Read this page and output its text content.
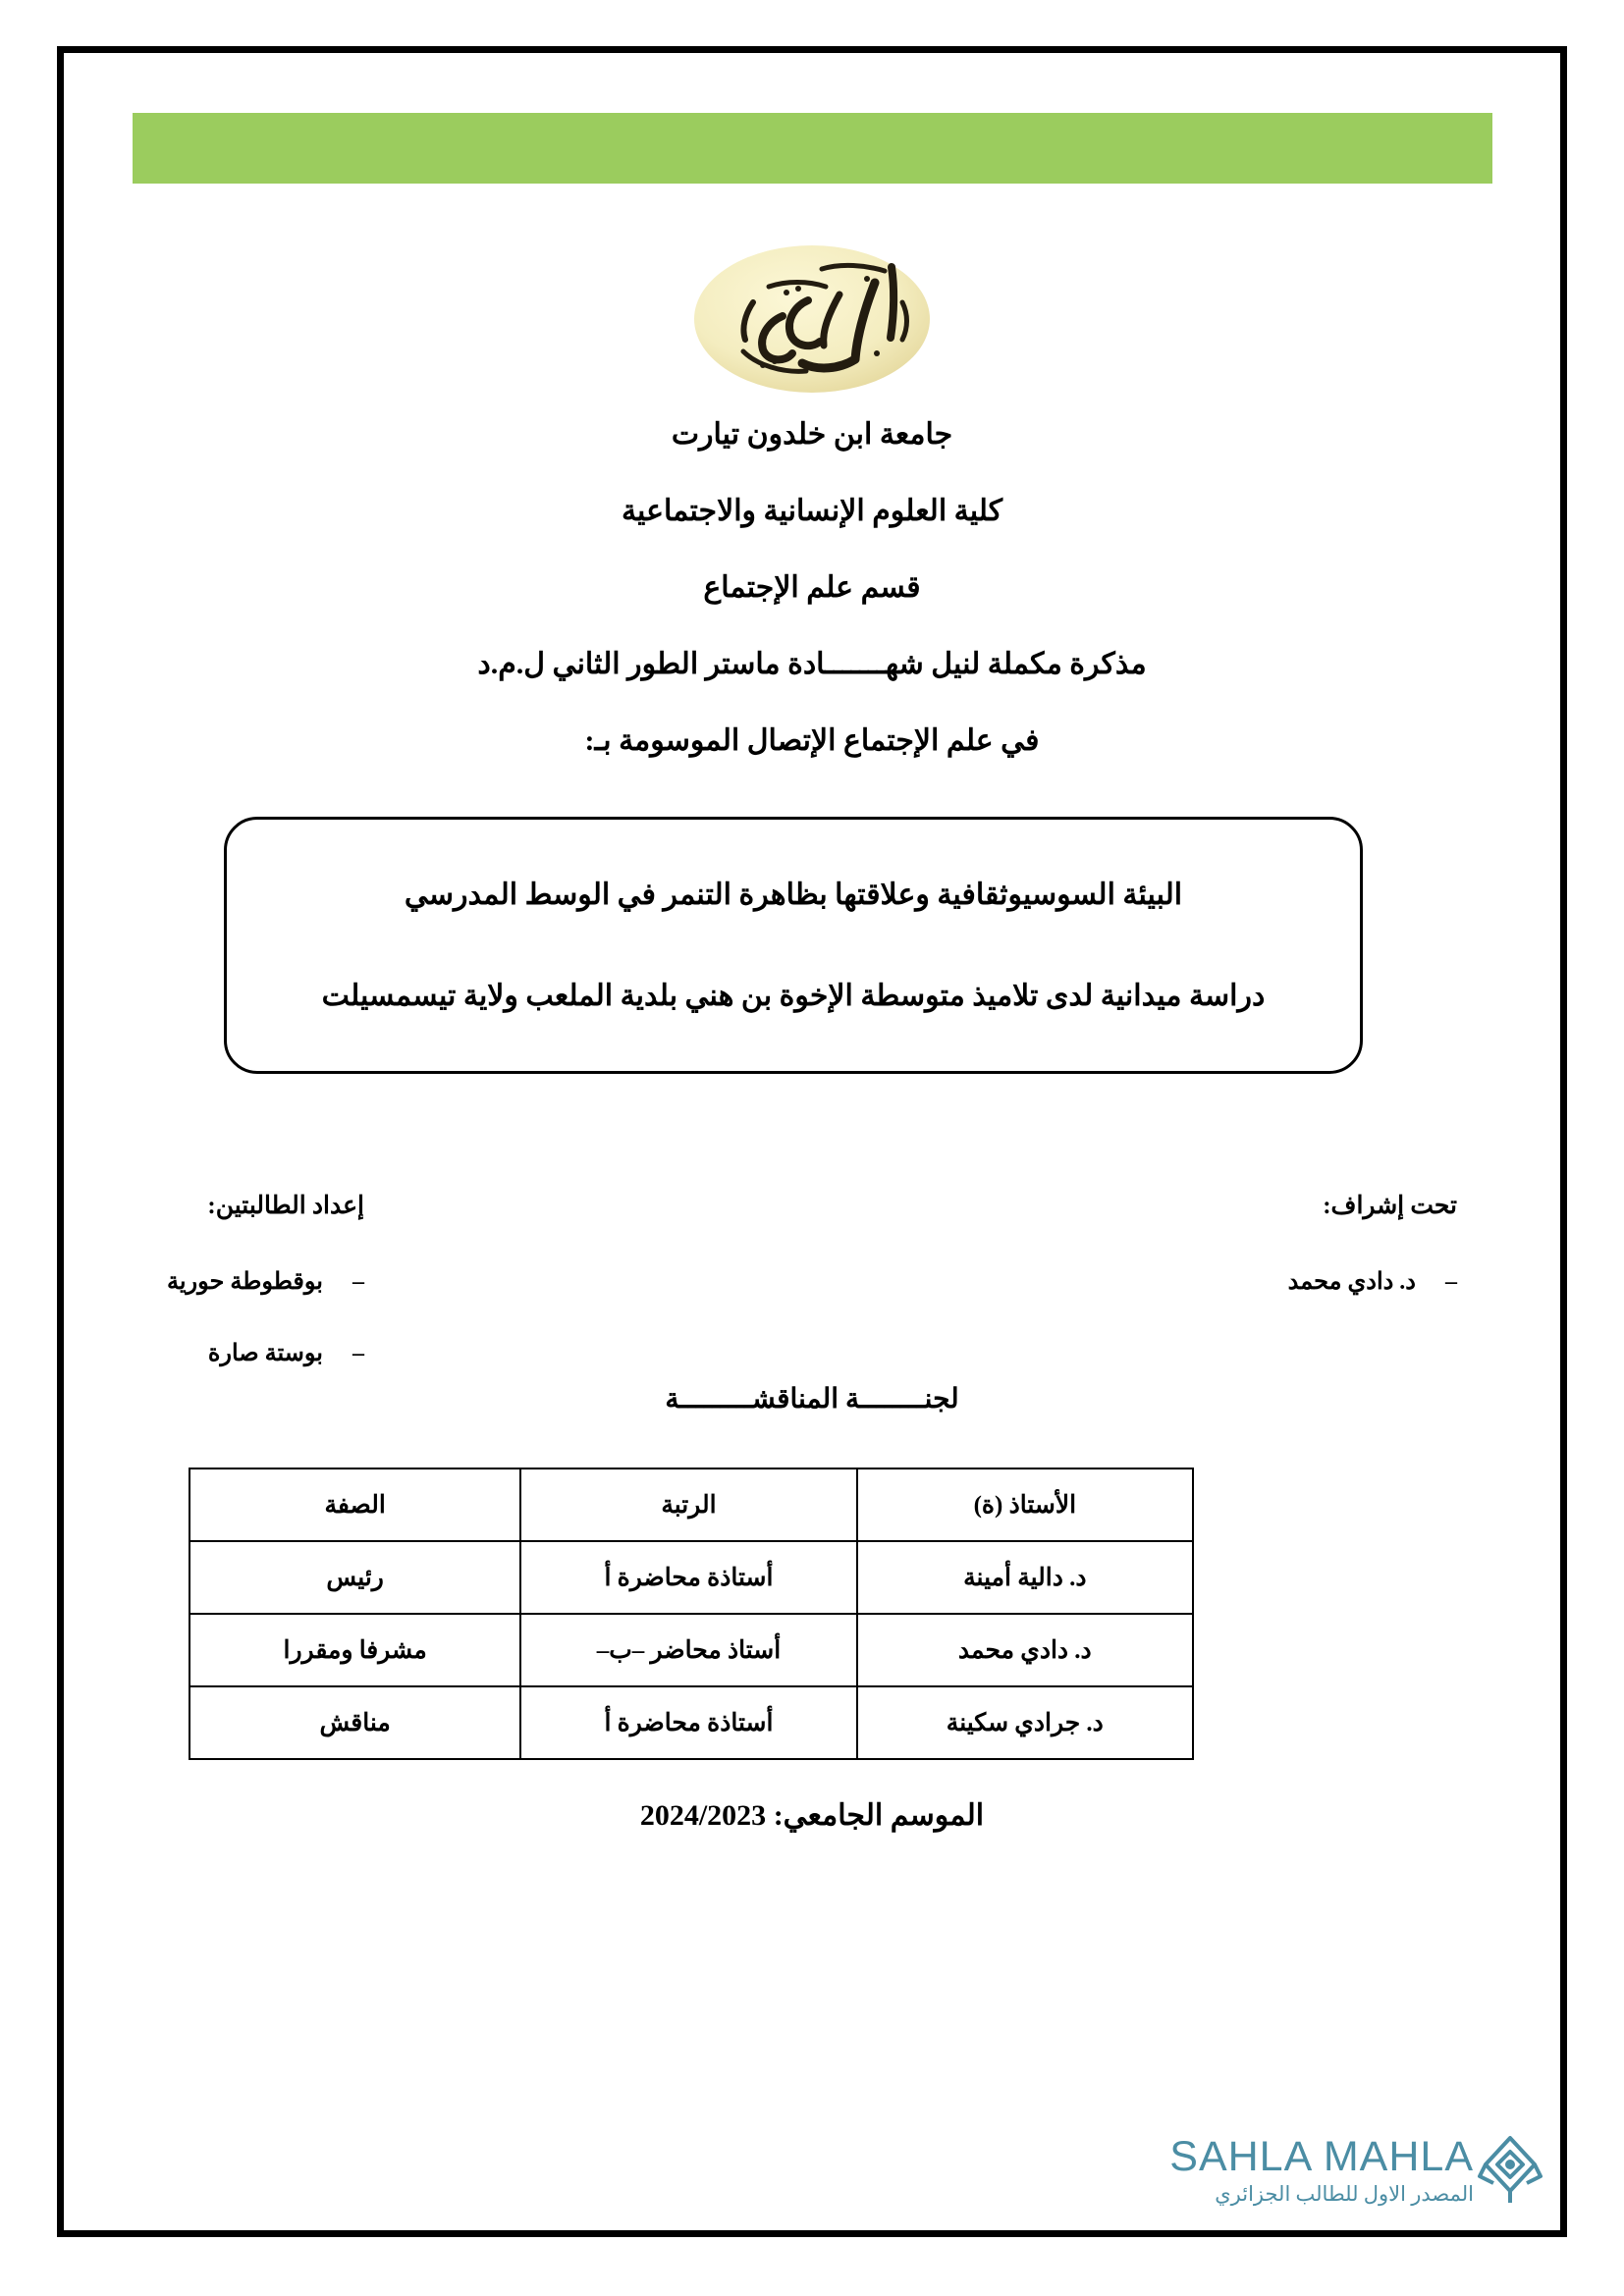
جامعة ابن خلدون تيارت
كلية العلوم الإنسانية والاجتماعية
قسم علم الإجتماع
مذكرة مكملة لنيل شهـــــــادة ماستر الطور الثاني ل.م.د
في علم الإجتماع الإتصال الموسومة بـ:
البيئة السوسيوثقافية وعلاقتها بظاهرة التنمر في الوسط المدرسي
دراسة ميدانية لدى تلاميذ متوسطة الإخوة بن هني بلدية الملعب ولاية تيسمسيلت
إعداد الطالبتين:
–بوقطوطة حورية
–بوستة صارة
تحت إشراف:
–د. دادي محمد
لجنــــــــة المناقشـــــــــة
الأستاذ (ة)	الرتبة	الصفة
د. دالية أمينة	أستاذة محاضرة أ	رئيس
د. دادي محمد	أستاذ محاضر –ب–	مشرفا ومقررا
د. جرادي سكينة	أستاذة محاضرة أ	مناقش
الموسم الجامعي: 2024/2023
SAHLA MAHLA
المصدر الاول للطالب الجزائري
